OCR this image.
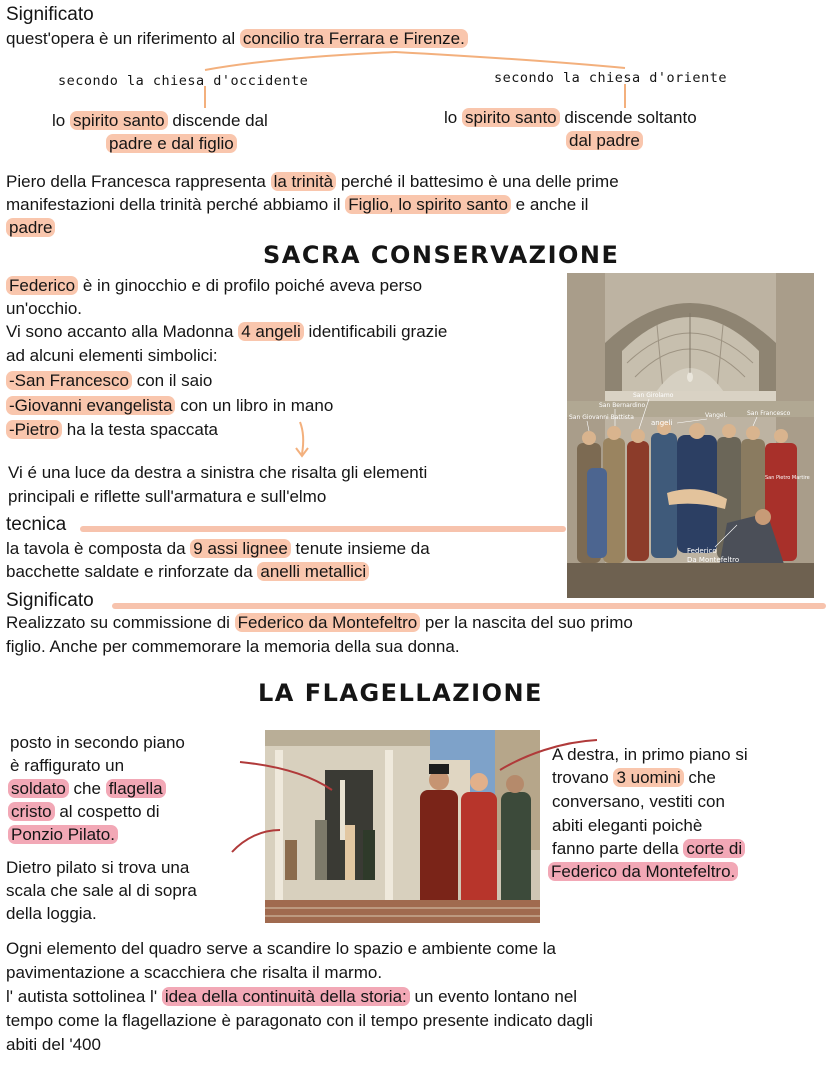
Significato
quest'opera è un riferimento al concilio tra Ferrara e Firenze.
secondo la chiesa d'occidente	secondo la chiesa d'oriente
lo spirito santo discende dal
padre e dal figlio
lo spirito santo discende soltanto
dal padre
Piero della Francesca rappresenta la trinità perché il battesimo è una delle prime
manifestazioni della trinità perché abbiamo il Figlio, lo spirito santo e anche il
padre
SACRA CONSERVAZIONE
Federico è in ginocchio e di profilo poiché aveva perso
un'occhio.
Vi sono accanto alla Madonna 4 angeli identificabili grazie
ad alcuni elementi simbolici:
-San Francesco con il saio
-Giovanni evangelista con un libro in mano
-Pietro ha la testa spaccata
Vi é una luce da destra a sinistra che risalta gli elementi
principali e riflette sull'armatura e sull'elmo
tecnica
la tavola è composta da 9 assi lignee tenute insieme da
bacchette saldate e rinforzate da anelli metallici
Significato
Realizzato su commissione di Federico da Montefeltro per la nascita del suo primo
figlio. Anche per commemorare la memoria della sua donna.
San Giovanni Battista
San Bernardino
San Girolamo
angeli
Vangel.	San Francesco
San Pietro Martire
Federico
Da Montefeltro
LA FLAGELLAZIONE
posto in secondo piano
è raffigurato un
soldato che flagella
cristo al cospetto di
Ponzio Pilato.
Dietro pilato si trova una
scala che sale al di sopra
della loggia.
A destra, in primo piano si
trovano 3 uomini che
conversano, vestiti con
abiti eleganti poichè
fanno parte della corte di
Federico da Montefeltro.
Ogni elemento del quadro serve a scandire lo spazio e ambiente come la
pavimentazione a scacchiera che risalta il marmo.
l' autista sottolinea l' idea della continuità della storia: un evento lontano nel
tempo come la flagellazione è paragonato con il tempo presente indicato dagli
abiti del '400
